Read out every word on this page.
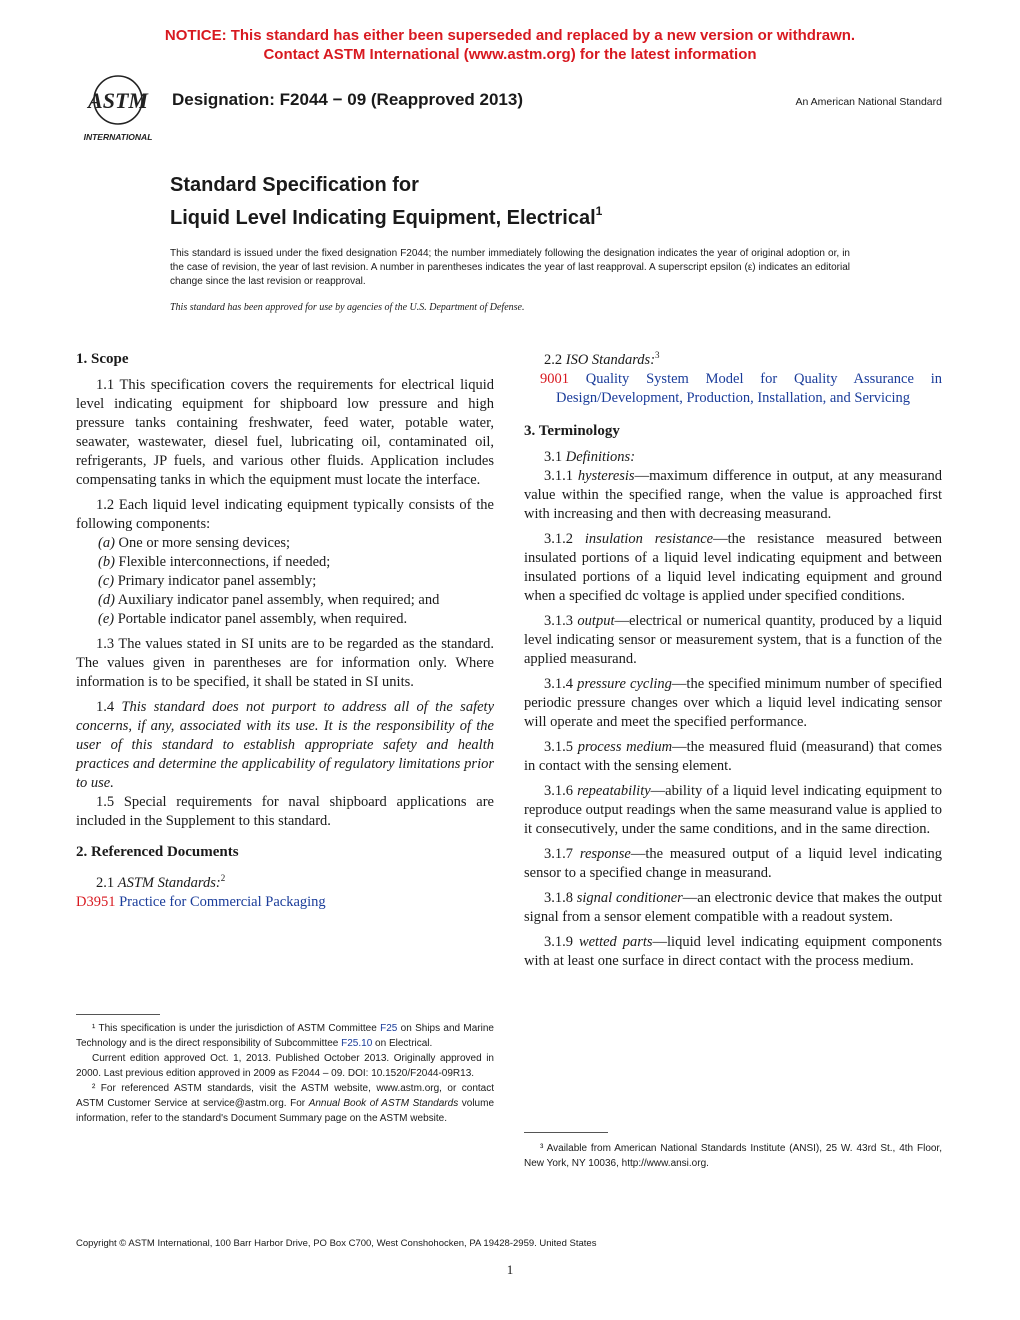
NOTICE: This standard has either been superseded and replaced by a new version or withdrawn.
Contact ASTM International (www.astm.org) for the latest information
ASTM
INTERNATIONAL
Designation: F2044 − 09 (Reapproved 2013)	An American National Standard
Standard Specification for
Liquid Level Indicating Equipment, Electrical$^1$
This standard is issued under the fixed designation F2044; the number immediately following the designation indicates the year of original adoption or, in the case of revision, the year of last revision. A number in parentheses indicates the year of last reapproval. A superscript epsilon (ε) indicates an editorial change since the last revision or reapproval.
This standard has been approved for use by agencies of the U.S. Department of Defense.
1. Scope

1.1 This specification covers the requirements for electrical liquid level indicating equipment for shipboard low pressure and high pressure tanks containing freshwater, feed water, potable water, seawater, wastewater, diesel fuel, lubricating oil, contaminated oil, refrigerants, JP fuels, and various other fluids. Application includes compensating tanks in which the equipment must locate the interface.

1.2 Each liquid level indicating equipment typically consists of the following components:

(a) One or more sensing devices;
(b) Flexible interconnections, if needed;
(c) Primary indicator panel assembly;
(d) Auxiliary indicator panel assembly, when required; and
(e) Portable indicator panel assembly, when required.

1.3 The values stated in SI units are to be regarded as the standard. The values given in parentheses are for information only. Where information is to be specified, it shall be stated in SI units.

1.4 This standard does not purport to address all of the safety concerns, if any, associated with its use. It is the responsibility of the user of this standard to establish appropriate safety and health practices and determine the applicability of regulatory limitations prior to use.

1.5 Special requirements for naval shipboard applications are included in the Supplement to this standard.

2. Referenced Documents

2.1 ASTM Standards:$^2$

D3951 Practice for Commercial Packaging

¹ This specification is under the jurisdiction of ASTM Committee F25 on Ships and Marine Technology and is the direct responsibility of Subcommittee F25.10 on Electrical.

Current edition approved Oct. 1, 2013. Published October 2013. Originally approved in 2000. Last previous edition approved in 2009 as F2044 – 09. DOI: 10.1520/F2044-09R13.

² For referenced ASTM standards, visit the ASTM website, www.astm.org, or contact ASTM Customer Service at service@astm.org. For Annual Book of ASTM Standards volume information, refer to the standard's Document Summary page on the ASTM website.

2.2 ISO Standards:$^3$

9001 Quality System Model for Quality Assurance in Design/Development, Production, Installation, and Servicing

3. Terminology

3.1 Definitions:

3.1.1 hysteresis—maximum difference in output, at any measurand value within the specified range, when the value is approached first with increasing and then with decreasing measurand.

3.1.2 insulation resistance—the resistance measured between insulated portions of a liquid level indicating equipment and between insulated portions of a liquid level indicating equipment and ground when a specified dc voltage is applied under specified conditions.

3.1.3 output—electrical or numerical quantity, produced by a liquid level indicating sensor or measurement system, that is a function of the applied measurand.

3.1.4 pressure cycling—the specified minimum number of specified periodic pressure changes over which a liquid level indicating sensor will operate and meet the specified performance.

3.1.5 process medium—the measured fluid (measurand) that comes in contact with the sensing element.

3.1.6 repeatability—ability of a liquid level indicating equipment to reproduce output readings when the same measurand value is applied to it consecutively, under the same conditions, and in the same direction.

3.1.7 response—the measured output of a liquid level indicating sensor to a specified change in measurand.

3.1.8 signal conditioner—an electronic device that makes the output signal from a sensor element compatible with a readout system.

3.1.9 wetted parts—liquid level indicating equipment components with at least one surface in direct contact with the process medium.

³ Available from American National Standards Institute (ANSI), 25 W. 43rd St., 4th Floor, New York, NY 10036, http://www.ansi.org.

Copyright © ASTM International, 100 Barr Harbor Drive, PO Box C700, West Conshohocken, PA 19428-2959. United States
1
